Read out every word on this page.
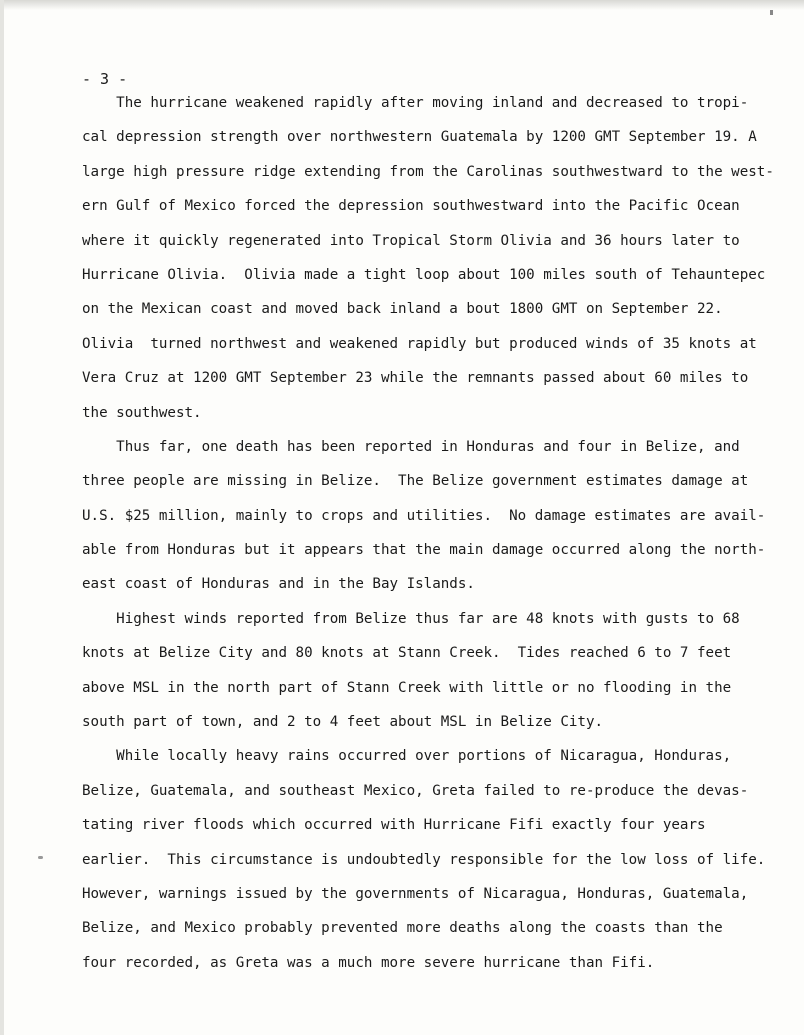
- 3 -

The hurricane weakened rapidly after moving inland and decreased to tropi-
cal depression strength over northwestern Guatemala by 1200 GMT September 19. A
large high pressure ridge extending from the Carolinas southwestward to the west-
ern Gulf of Mexico forced the depression southwestward into the Pacific Ocean
where it quickly regenerated into Tropical Storm Olivia and 36 hours later to
Hurricane Olivia.  Olivia made a tight loop about 100 miles south of Tehauntepec
on the Mexican coast and moved back inland a bout 1800 GMT on September 22.
Olivia  turned northwest and weakened rapidly but produced winds of 35 knots at
Vera Cruz at 1200 GMT September 23 while the remnants passed about 60 miles to
the southwest.
Thus far, one death has been reported in Honduras and four in Belize, and
three people are missing in Belize.  The Belize government estimates damage at
U.S. $25 million, mainly to crops and utilities.  No damage estimates are avail-
able from Honduras but it appears that the main damage occurred along the north-
east coast of Honduras and in the Bay Islands.
Highest winds reported from Belize thus far are 48 knots with gusts to 68
knots at Belize City and 80 knots at Stann Creek.  Tides reached 6 to 7 feet
above MSL in the north part of Stann Creek with little or no flooding in the
south part of town, and 2 to 4 feet about MSL in Belize City.
While locally heavy rains occurred over portions of Nicaragua, Honduras,
Belize, Guatemala, and southeast Mexico, Greta failed to re-produce the devas-
tating river floods which occurred with Hurricane Fifi exactly four years
earlier.  This circumstance is undoubtedly responsible for the low loss of life.
However, warnings issued by the governments of Nicaragua, Honduras, Guatemala,
Belize, and Mexico probably prevented more deaths along the coasts than the
four recorded, as Greta was a much more severe hurricane than Fifi.
